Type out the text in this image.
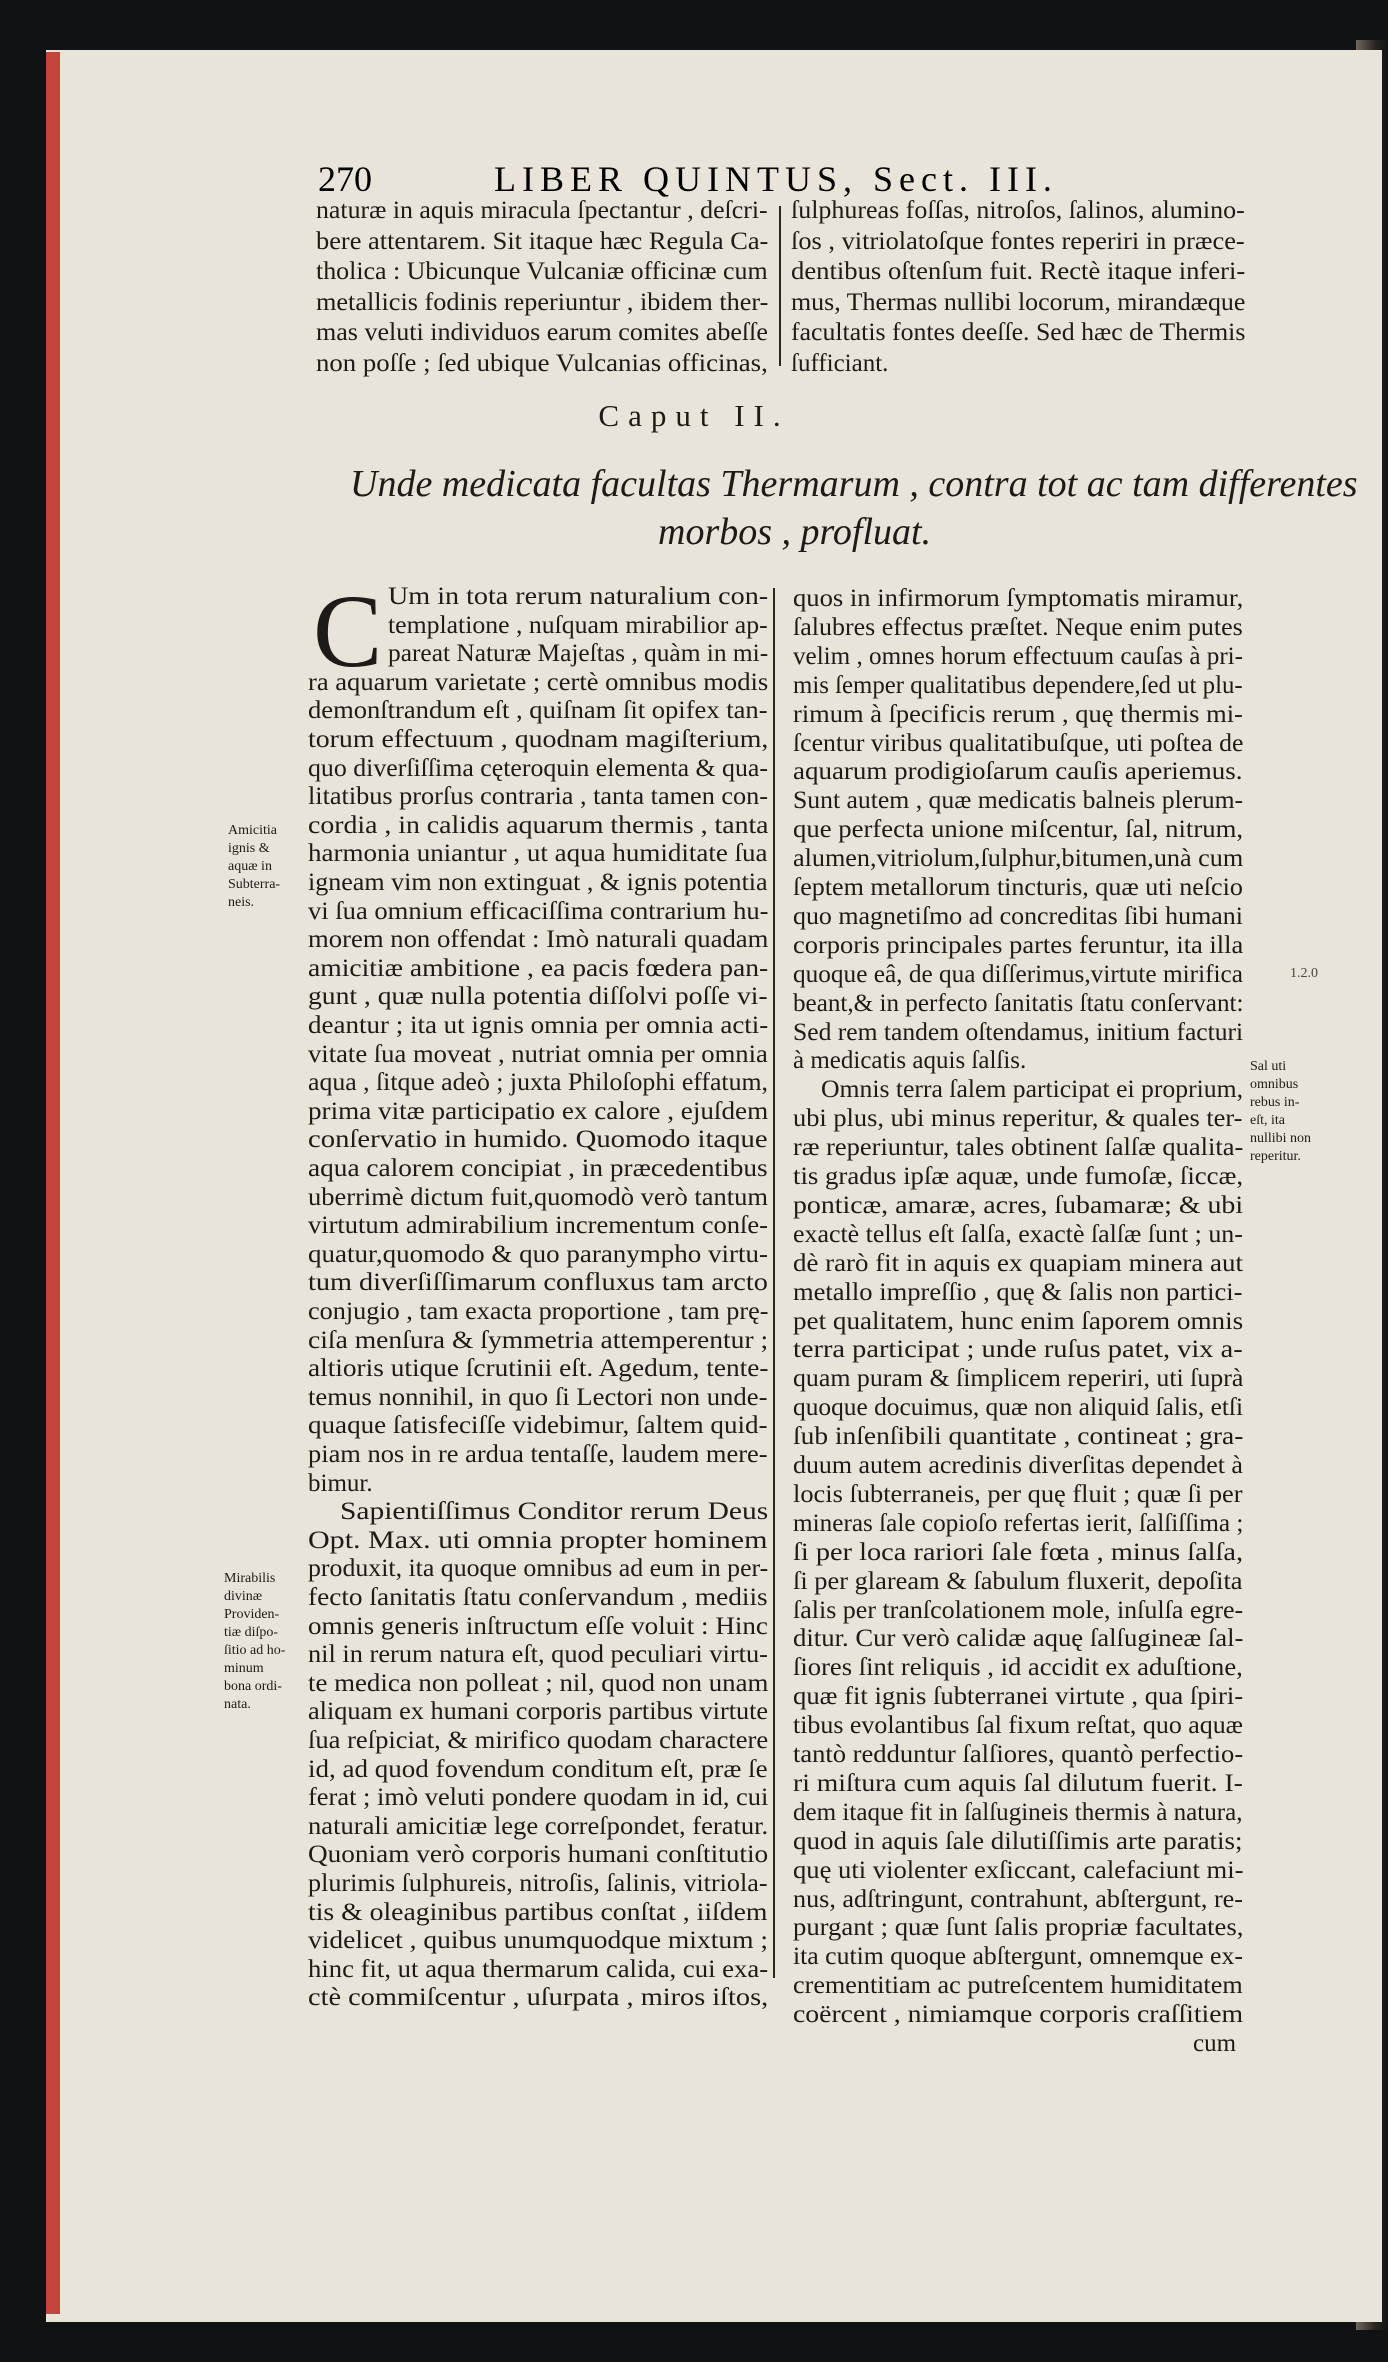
270	LIBER QUINTUS, Sect. III.
Caput II.
Unde medicata facultas Thermarum , contra tot ac tam differentes
morbos , profluat.
C
Amicitia
ignis &
aquæ in
Subterra-
neis.
Mirabilis
divinæ
Providen-
tiæ diſpo-
ſitio ad ho-
minum
bona ordi-
nata.
Sal uti
omnibus
rebus in-
eſt, ita
nullibi non
reperitur.
1.2.0
naturæ in aquis miracula ſpectantur , deſcri-
bere attentarem. Sit itaque hæc Regula Ca-
tholica : Ubicunque Vulcaniæ officinæ cum
metallicis fodinis reperiuntur , ibidem ther-
mas veluti individuos earum comites abeſſe
non poſſe ; ſed ubique Vulcanias officinas,
ſulphureas foſſas, nitroſos, ſalinos, alumino-
ſos , vitriolatoſque fontes reperiri in præce-
dentibus oſtenſum fuit. Rectè itaque inferi-
mus, Thermas nullibi locorum, mirandæque
facultatis fontes deeſſe. Sed hæc de Thermis
ſufficiant.
Um in tota rerum naturalium con-
templatione , nuſquam mirabilior ap-
pareat Naturæ Majeſtas , quàm in mi-
ra aquarum varietate ; certè omnibus modis
demonſtrandum eſt , quiſnam ſit opifex tan-
torum effectuum , quodnam magiſterium,
quo diverſiſſima cęteroquin elementa & qua-
litatibus prorſus contraria , tanta tamen con-
cordia , in calidis aquarum thermis , tanta
harmonia uniantur , ut aqua humiditate ſua
igneam vim non extinguat , & ignis potentia
vi ſua omnium efficaciſſima contrarium hu-
morem non offendat : Imò naturali quadam
amicitiæ ambitione , ea pacis fœdera pan-
gunt , quæ nulla potentia diſſolvi poſſe vi-
deantur ; ita ut ignis omnia per omnia acti-
vitate ſua moveat , nutriat omnia per omnia
aqua , ſitque adeò ; juxta Philoſophi effatum,
prima vitæ participatio ex calore , ejuſdem
conſervatio in humido. Quomodo itaque
aqua calorem concipiat , in præcedentibus
uberrimè dictum fuit,quomodò verò tantum
virtutum admirabilium incrementum conſe-
quatur,quomodo & quo paranympho virtu-
tum diverſiſſimarum confluxus tam arcto
conjugio , tam exacta proportione , tam prę-
ciſa menſura & ſymmetria attemperentur ;
altioris utique ſcrutinii eſt. Agedum, tente-
temus nonnihil, in quo ſi Lectori non unde-
quaque ſatisfeciſſe videbimur, ſaltem quid-
piam nos in re ardua tentaſſe, laudem mere-
bimur.
Sapientiſſimus Conditor rerum Deus
Opt. Max. uti omnia propter hominem
produxit, ita quoque omnibus ad eum in per-
fecto ſanitatis ſtatu conſervandum , mediis
omnis generis inſtructum eſſe voluit : Hinc
nil in rerum natura eſt, quod peculiari virtu-
te medica non polleat ; nil, quod non unam
aliquam ex humani corporis partibus virtute
ſua reſpiciat, & mirifico quodam charactere
id, ad quod fovendum conditum eſt, præ ſe
ferat ; imò veluti pondere quodam in id, cui
naturali amicitiæ lege correſpondet, feratur.
Quoniam verò corporis humani conſtitutio
plurimis ſulphureis, nitroſis, ſalinis, vitriola-
tis & oleaginibus partibus conſtat , iiſdem
videlicet , quibus unumquodque mixtum ;
hinc fit, ut aqua thermarum calida, cui exa-
ctè commiſcentur , uſurpata , miros iſtos,
quos in infirmorum ſymptomatis miramur,
ſalubres effectus præſtet. Neque enim putes
velim , omnes horum effectuum cauſas à pri-
mis ſemper qualitatibus dependere,ſed ut plu-
rimum à ſpecificis rerum , quę thermis mi-
ſcentur viribus qualitatibuſque, uti poſtea de
aquarum prodigioſarum cauſis aperiemus.
Sunt autem , quæ medicatis balneis plerum-
que perfecta unione miſcentur, ſal, nitrum,
alumen,vitriolum,ſulphur,bitumen,unà cum
ſeptem metallorum tincturis, quæ uti neſcio
quo magnetiſmo ad concreditas ſibi humani
corporis principales partes feruntur, ita illa
quoque eâ, de qua diſſerimus,virtute mirifica
beant,& in perfecto ſanitatis ſtatu conſervant:
Sed rem tandem oſtendamus, initium facturi
à medicatis aquis ſalſis.
Omnis terra ſalem participat ei proprium,
ubi plus, ubi minus reperitur, & quales ter-
ræ reperiuntur, tales obtinent ſalſæ qualita-
tis gradus ipſæ aquæ, unde fumoſæ, ſiccæ,
ponticæ, amaræ, acres, ſubamaræ; & ubi
exactè tellus eſt ſalſa, exactè ſalſæ ſunt ; un-
dè rarò fit in aquis ex quapiam minera aut
metallo impreſſio , quę & ſalis non partici-
pet qualitatem, hunc enim ſaporem omnis
terra participat ; unde ruſus patet, vix a-
quam puram & ſimplicem reperiri, uti ſuprà
quoque docuimus, quæ non aliquid ſalis, etſi
ſub inſenſibili quantitate , contineat ; gra-
duum autem acredinis diverſitas dependet à
locis ſubterraneis, per quę fluit ; quæ ſi per
mineras ſale copioſo refertas ierit, ſalſiſſima ;
ſi per loca rariori ſale fœta , minus ſalſa,
ſi per glaream & ſabulum fluxerit, depoſita
ſalis per tranſcolationem mole, inſulſa egre-
ditur. Cur verò calidæ aquę ſalſugineæ ſal-
ſiores ſint reliquis , id accidit ex aduſtione,
quæ fit ignis ſubterranei virtute , qua ſpiri-
tibus evolantibus ſal fixum reſtat, quo aquæ
tantò redduntur ſalſiores, quantò perfectio-
ri miſtura cum aquis ſal dilutum fuerit. I-
dem itaque fit in ſalſugineis thermis à natura,
quod in aquis ſale dilutiſſimis arte paratis;
quę uti violenter exſiccant, calefaciunt mi-
nus, adſtringunt, contrahunt, abſtergunt, re-
purgant ; quæ ſunt ſalis propriæ facultates,
ita cutim quoque abſtergunt, omnemque ex-
crementitiam ac putreſcentem humiditatem
coërcent , nimiamque corporis craſſitiem
cum
